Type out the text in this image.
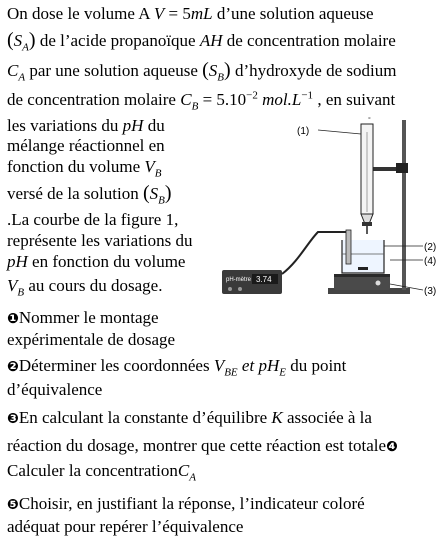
On dose le volume A V = 5mL d’une solution aqueuse
$(S_A)$ de l’acide propanoïque AH de concentration molaire
$C_A$ par une solution aqueuse $(S_B)$ d’hydroxyde de sodium
de concentration molaire $C_B = 5.10^{-2}$ $mol.L^{-1}$ , en suivant
les variations du pH du
mélange réactionnel en
fonction du volume $V_B$
versé de la solution $(S_B)$
.La courbe de la figure 1,
représente les variations du
pH en fonction du volume
$V_B$ au cours du dosage.
❶Nommer le montage
expérimentale de dosage
❷Déterminer les coordonnées $V_{BE}$ et $pH_E$ du point
d’équivalence
❸En calculant la constante d’équilibre K associée à la
réaction du dosage, montrer que cette réaction est totale❹
Calculer la concentrationC$_A$
❺Choisir, en justifiant la réponse, l’indicateur coloré
adéquat pour repérer l’équivalence
°
(1)
pH-mètre 3.74
(2)
(4)
(3)
